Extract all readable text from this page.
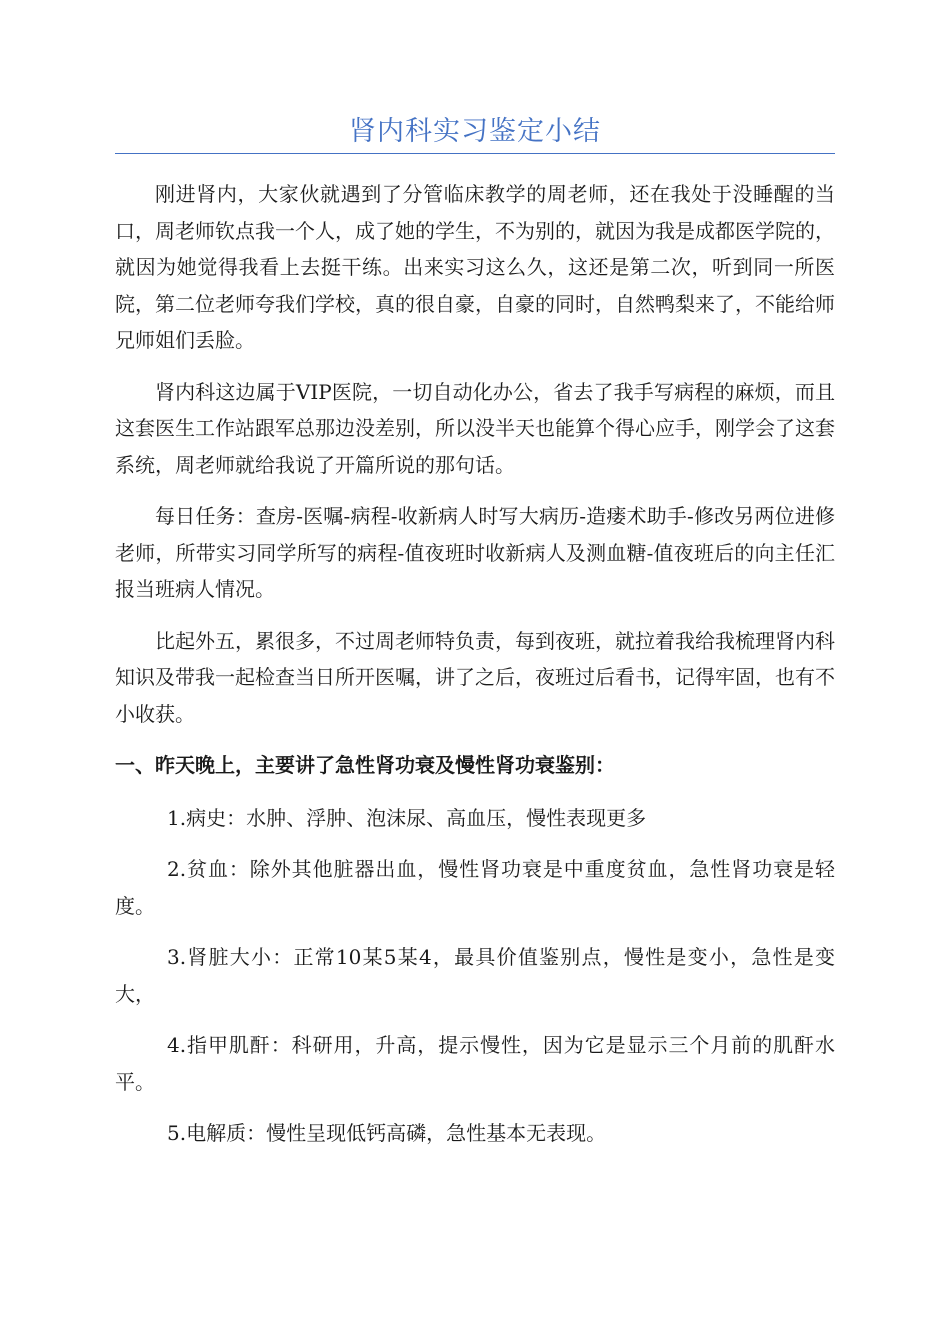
肾内科实习鉴定小结

刚进肾内，大家伙就遇到了分管临床教学的周老师，还在我处于没睡醒的当口，周老师钦点我一个人，成了她的学生，不为别的，就因为我是成都医学院的，就因为她觉得我看上去挺干练。出来实习这么久，这还是第二次，听到同一所医院，第二位老师夸我们学校，真的很自豪，自豪的同时，自然鸭梨来了，不能给师兄师姐们丢脸。

肾内科这边属于VIP医院，一切自动化办公，省去了我手写病程的麻烦，而且这套医生工作站跟军总那边没差别，所以没半天也能算个得心应手，刚学会了这套系统，周老师就给我说了开篇所说的那句话。

每日任务：查房-医嘱-病程-收新病人时写大病历-造瘘术助手-修改另两位进修老师，所带实习同学所写的病程-值夜班时收新病人及测血糖-值夜班后的向主任汇报当班病人情况。

比起外五，累很多，不过周老师特负责，每到夜班，就拉着我给我梳理肾内科知识及带我一起检查当日所开医嘱，讲了之后，夜班过后看书，记得牢固，也有不小收获。

一、昨天晚上，主要讲了急性肾功衰及慢性肾功衰鉴别：

1.病史：水肿、浮肿、泡沫尿、高血压，慢性表现更多

2.贫血：除外其他脏器出血，慢性肾功衰是中重度贫血，急性肾功衰是轻度。

3.肾脏大小：正常10某5某4，最具价值鉴别点，慢性是变小，急性是变大，

4.指甲肌酐：科研用，升高，提示慢性，因为它是显示三个月前的肌酐水平。

5.电解质：慢性呈现低钙高磷，急性基本无表现。
